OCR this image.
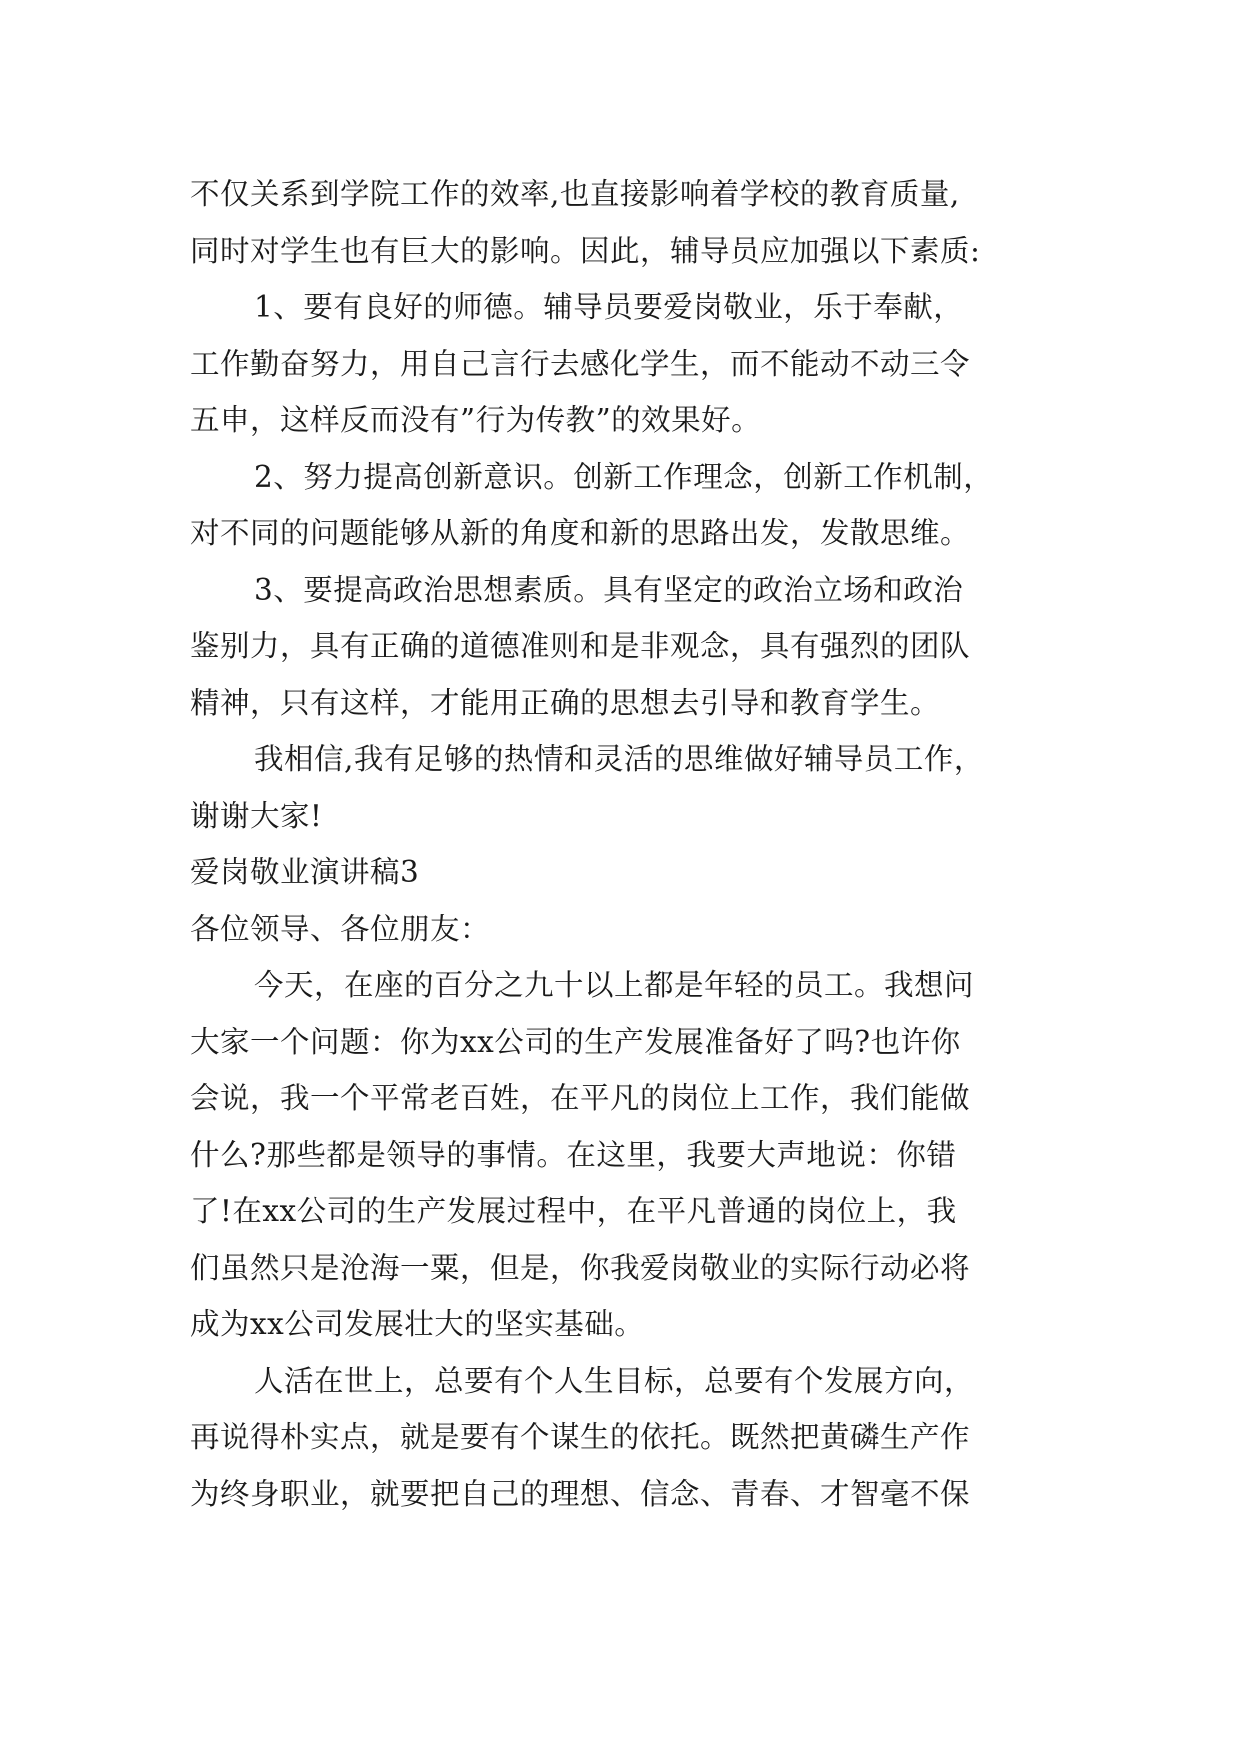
不仅关系到学院工作的效率,也直接影响着学校的教育质量,
同时对学生也有巨大的影响。因此，辅导员应加强以下素质:
1、要有良好的师德。辅导员要爱岗敬业，乐于奉献，
工作勤奋努力，用自己言行去感化学生，而不能动不动三令
五申，这样反而没有”行为传教”的效果好。
2、努力提高创新意识。创新工作理念，创新工作机制，
对不同的问题能够从新的角度和新的思路出发，发散思维。
3、要提高政治思想素质。具有坚定的政治立场和政治
鉴别力，具有正确的道德准则和是非观念，具有强烈的团队
精神，只有这样，才能用正确的思想去引导和教育学生。
我相信,我有足够的热情和灵活的思维做好辅导员工作，
谢谢大家!
爱岗敬业演讲稿3
各位领导、各位朋友：
今天，在座的百分之九十以上都是年轻的员工。我想问
大家一个问题：你为xx公司的生产发展准备好了吗?也许你
会说，我一个平常老百姓，在平凡的岗位上工作，我们能做
什么?那些都是领导的事情。在这里，我要大声地说：你错
了!在xx公司的生产发展过程中，在平凡普通的岗位上，我
们虽然只是沧海一粟，但是，你我爱岗敬业的实际行动必将
成为xx公司发展壮大的坚实基础。
人活在世上，总要有个人生目标，总要有个发展方向，
再说得朴实点，就是要有个谋生的依托。既然把黄磷生产作
为终身职业，就要把自己的理想、信念、青春、才智毫不保
